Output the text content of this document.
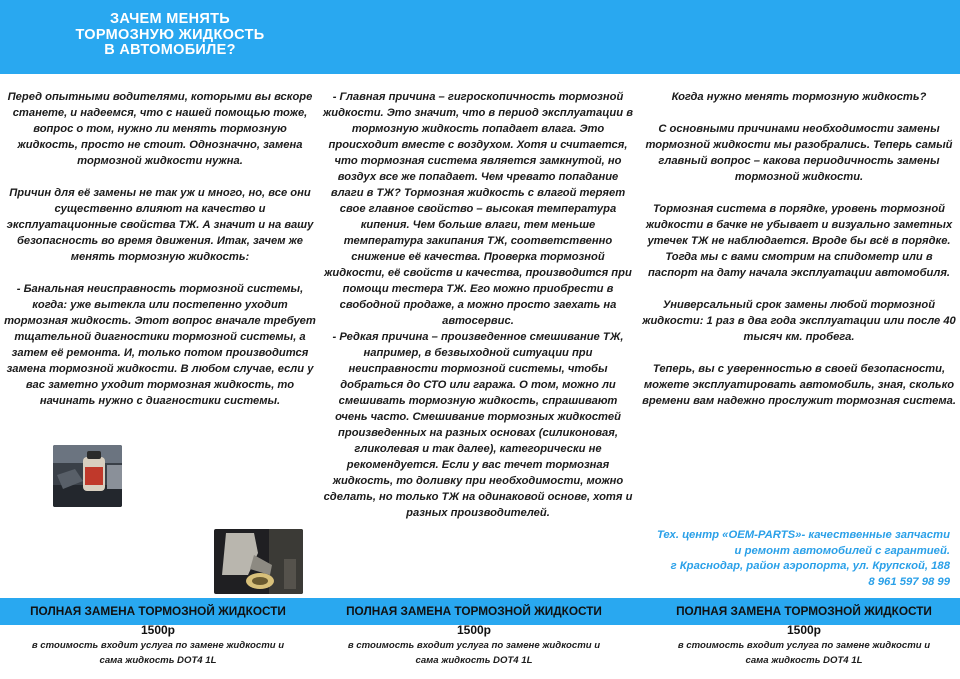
ЗАЧЕМ МЕНЯТЬ
ТОРМОЗНУЮ ЖИДКОСТЬ
В АВТОМОБИЛЕ?

Перед опытными водителями, которыми вы вскоре станете, и надеемся, что с нашей помощью тоже, вопрос о том, нужно ли менять тормозную жидкость, просто не стоит. Однозначно, замена тормозной жидкости нужна.

Причин для её замены не так уж и много, но, все они существенно влияют на качество и эксплуатационные свойства ТЖ. А значит и на вашу безопасность во время движения. Итак, зачем же менять тормозную жидкость:

- Банальная неисправность тормозной системы, когда: уже вытекла или постепенно уходит тормозная жидкость. Этот вопрос вначале требует тщательной диагностики тормозной системы, а затем её ремонта. И, только потом производится замена тормозной жидкости. В любом случае, если у вас заметно уходит тормозная жидкость, то начинать нужно с диагностики системы.

- Главная причина – гигроскопичность тормозной жидкости. Это значит, что в период эксплуатации в тормозную жидкость попадает влага. Это происходит вместе с воздухом. Хотя и считается, что тормозная система является замкнутой, но воздух все же попадает. Чем чревато попадание влаги в ТЖ? Тормозная жидкость с влагой теряет свое главное свойство – высокая температура кипения. Чем больше влаги, тем меньше температура закипания ТЖ, соответственно снижение её качества. Проверка тормозной жидкости, её свойств и качества, производится при помощи тестера ТЖ. Его можно приобрести в свободной продаже, а можно просто заехать на автосервис.

- Редкая причина – произведенное смешивание ТЖ, например, в безвыходной ситуации при неисправности тормозной системы, чтобы добраться до СТО или гаража. О том, можно ли смешивать тормозную жидкость, спрашивают очень часто. Смешивание тормозных жидкостей произведенных на разных основах (силиконовая, гликолевая и так далее), категорически не рекомендуется. Если у вас течет тормозная жидкость, то доливку при необходимости, можно сделать, но только ТЖ на одинаковой основе, хотя и разных производителей.

Когда нужно менять тормозную жидкость?

С основными причинами необходимости замены тормозной жидкости мы разобрались. Теперь самый главный вопрос – какова периодичность замены тормозной жидкости.

Тормозная система в порядке, уровень тормозной жидкости в бачке не убывает и визуально заметных утечек ТЖ не наблюдается. Вроде бы всё в порядке. Тогда мы с вами смотрим на спидометр или в паспорт на дату начала эксплуатации автомобиля.

Универсальный срок замены любой тормозной жидкости: 1 раз в два года эксплуатации или после 40 тысяч км. пробега.

Теперь, вы с уверенностью в своей безопасности, можете эксплуатировать автомобиль, зная, сколько времени вам надежно прослужит тормозная система.

Тех. центр «OEM-PARTS»- качественные запчасти

и ремонт автомобилей с гарантией.

г Краснодар, район аэропорта, ул. Крупской, 188

8 961 597 98 99

ПОЛНАЯ ЗАМЕНА ТОРМОЗНОЙ ЖИДКОСТИ
1500р
в стоимость входит услуга по замене жидкости и
сама жидкость DOT4 1L
ПОЛНАЯ ЗАМЕНА ТОРМОЗНОЙ ЖИДКОСТИ
1500р
в стоимость входит услуга по замене жидкости и
сама жидкость DOT4 1L
ПОЛНАЯ ЗАМЕНА ТОРМОЗНОЙ ЖИДКОСТИ
1500р
в стоимость входит услуга по замене жидкости и
сама жидкость DOT4 1L
